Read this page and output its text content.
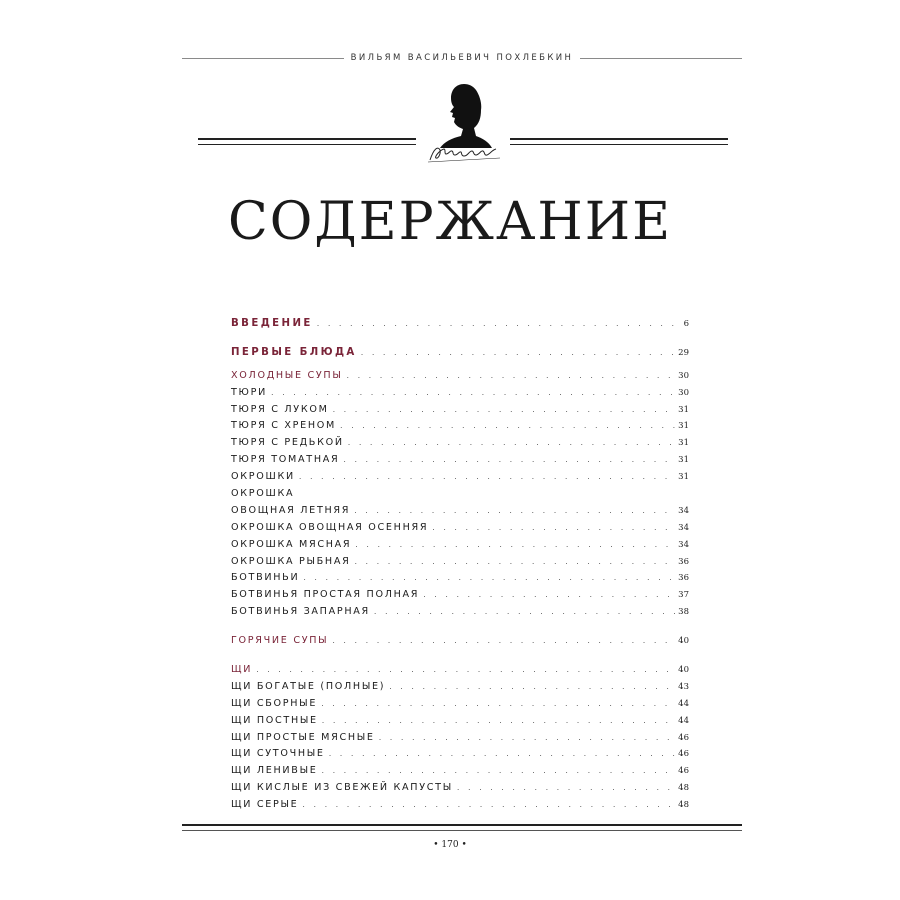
ВИЛЬЯМ ВАСИЛЬЕВИЧ ПОХЛЕБКИН
СОДЕРЖАНИЕ
ВВЕДЕНИЕ . . .	6
ПЕРВЫЕ БЛЮДА . . .	29
ХОЛОДНЫЕ СУПЫ . . .	30
ТЮРИ . . .	30
ТЮРЯ С ЛУКОМ . . .	31
ТЮРЯ С ХРЕНОМ . . .	31
ТЮРЯ С РЕДЬКОЙ . . .	31
ТЮРЯ ТОМАТНАЯ . . .	31
ОКРОШКИ . . .	31
ОКРОШКА
ОВОЩНАЯ ЛЕТНЯЯ . . .	34
ОКРОШКА ОВОЩНАЯ ОСЕННЯЯ . . .	34
ОКРОШКА МЯСНАЯ . . .	34
ОКРОШКА РЫБНАЯ . . .	36
БОТВИНЬИ . . .	36
БОТВИНЬЯ ПРОСТАЯ ПОЛНАЯ . . .	37
БОТВИНЬЯ ЗАПАРНАЯ . . .	38
ГОРЯЧИЕ СУПЫ . . .	40
ЩИ . . .	40
ЩИ БОГАТЫЕ (ПОЛНЫЕ) . . .	43
ЩИ СБОРНЫЕ . . .	44
ЩИ ПОСТНЫЕ . . .	44
ЩИ ПРОСТЫЕ МЯСНЫЕ . . .	46
ЩИ СУТОЧНЫЕ . . .	46
ЩИ ЛЕНИВЫЕ . . .	46
ЩИ КИСЛЫЕ ИЗ СВЕЖЕЙ КАПУСТЫ . . .	48
ЩИ СЕРЫЕ . . .	48
• 170 •
